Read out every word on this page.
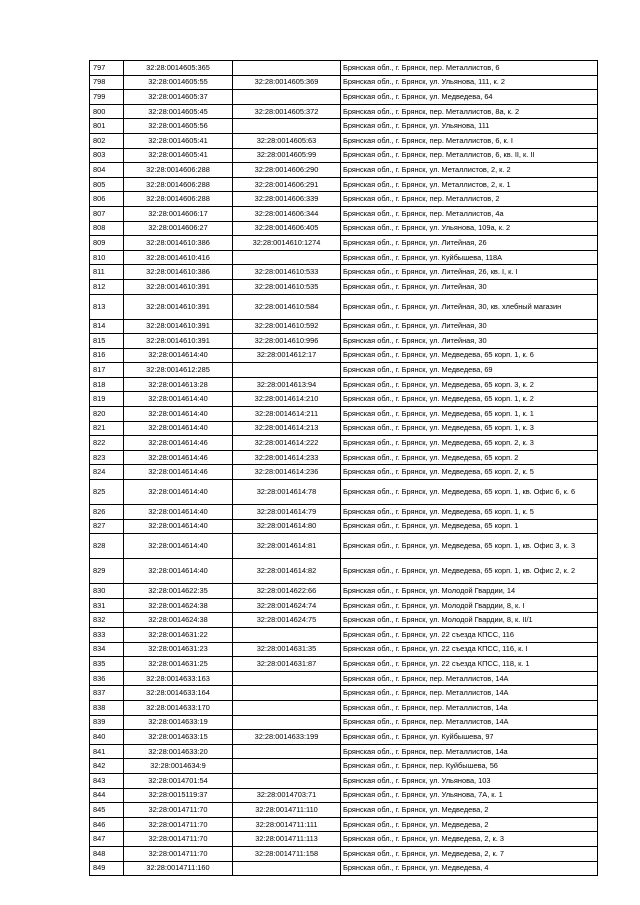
797	32:28:0014605:365		Брянская обл., г. Брянск, пер. Металлистов, 6
798	32:28:0014605:55	32:28:0014605:369	Брянская обл., г. Брянск, ул. Ульянова, 111, к. 2
799	32:28:0014605:37		Брянская обл., г. Брянск, ул. Медведева, 64
800	32:28:0014605:45	32:28:0014605:372	Брянская обл., г. Брянск, пер. Металлистов, 8а, к. 2
801	32:28:0014605:56		Брянская обл., г. Брянск, ул. Ульянова, 111
802	32:28:0014605:41	32:28:0014605:63	Брянская обл., г. Брянск, пер. Металлистов, 6, к. I
803	32:28:0014605:41	32:28:0014605:99	Брянская обл., г. Брянск, пер. Металлистов, 6, кв. II, к. II
804	32:28:0014606:288	32:28:0014606:290	Брянская обл., г. Брянск, ул. Металлистов, 2, к. 2
805	32:28:0014606:288	32:28:0014606:291	Брянская обл., г. Брянск, ул. Металлистов, 2, к. 1
806	32:28:0014606:288	32:28:0014606:339	Брянская обл., г. Брянск, пер. Металлистов, 2
807	32:28:0014606:17	32:28:0014606:344	Брянская обл., г. Брянск, пер. Металлистов, 4а
808	32:28:0014606:27	32:28:0014606:405	Брянская обл., г. Брянск, ул. Ульянова, 109а, к. 2
809	32:28:0014610:386	32:28:0014610:1274	Брянская обл., г. Брянск, ул. Литейная, 26
810	32:28:0014610:416		Брянская обл., г. Брянск, ул. Куйбышева, 118А
811	32:28:0014610:386	32:28:0014610:533	Брянская обл., г. Брянск, ул. Литейная, 26, кв. I, к. I
812	32:28:0014610:391	32:28:0014610:535	Брянская обл., г. Брянск, ул. Литейная, 30
813	32:28:0014610:391	32:28:0014610:584	Брянская обл., г. Брянск, ул. Литейная, 30, кв. хлебный магазин
814	32:28:0014610:391	32:28:0014610:592	Брянская обл., г. Брянск, ул. Литейная, 30
815	32:28:0014610:391	32:28:0014610:996	Брянская обл., г. Брянск, ул. Литейная, 30
816	32:28:0014614:40	32:28:0014612:17	Брянская обл., г. Брянск, ул. Медведева, 65 корп. 1, к. 6
817	32:28:0014612:285		Брянская обл., г. Брянск, ул. Медведева, 69
818	32:28:0014613:28	32:28:0014613:94	Брянская обл., г. Брянск, ул. Медведева, 65 корп. 3, к. 2
819	32:28:0014614:40	32:28:0014614:210	Брянская обл., г. Брянск, ул. Медведева, 65 корп. 1, к. 2
820	32:28:0014614:40	32:28:0014614:211	Брянская обл., г. Брянск, ул. Медведева, 65 корп. 1, к. 1
821	32:28:0014614:40	32:28:0014614:213	Брянская обл., г. Брянск, ул. Медведева, 65 корп. 1, к. 3
822	32:28:0014614:46	32:28:0014614:222	Брянская обл., г. Брянск, ул. Медведева, 65 корп. 2, к. 3
823	32:28:0014614:46	32:28:0014614:233	Брянская обл., г. Брянск, ул. Медведева, 65 корп. 2
824	32:28:0014614:46	32:28:0014614:236	Брянская обл., г. Брянск, ул. Медведева, 65 корп. 2, к. 5
825	32:28:0014614:40	32:28:0014614:78	Брянская обл., г. Брянск, ул. Медведева, 65 корп. 1, кв. Офис 6, к. 6
826	32:28:0014614:40	32:28:0014614:79	Брянская обл., г. Брянск, ул. Медведева, 65 корп. 1, к. 5
827	32:28:0014614:40	32:28:0014614:80	Брянская обл., г. Брянск, ул. Медведева, 65 корп. 1
828	32:28:0014614:40	32:28:0014614:81	Брянская обл., г. Брянск, ул. Медведева, 65 корп. 1, кв. Офис 3, к. 3
829	32:28:0014614:40	32:28:0014614:82	Брянская обл., г. Брянск, ул. Медведева, 65 корп. 1, кв. Офис 2, к. 2
830	32:28:0014622:35	32:28:0014622:66	Брянская обл., г. Брянск, ул. Молодой Гвардии, 14
831	32:28:0014624:38	32:28:0014624:74	Брянская обл., г. Брянск, ул. Молодой Гвардии, 8, к. I
832	32:28:0014624:38	32:28:0014624:75	Брянская обл., г. Брянск, ул. Молодой Гвардии, 8, к. II/1
833	32:28:0014631:22		Брянская обл., г. Брянск, ул. 22 съезда КПСС, 116
834	32:28:0014631:23	32:28:0014631:35	Брянская обл., г. Брянск, ул. 22 съезда КПСС, 116, к. I
835	32:28:0014631:25	32:28:0014631:87	Брянская обл., г. Брянск, ул. 22 съезда КПСС, 118, к. 1
836	32:28:0014633:163		Брянская обл., г. Брянск, пер. Металлистов, 14А
837	32:28:0014633:164		Брянская обл., г. Брянск, пер. Металлистов, 14А
838	32:28:0014633:170		Брянская обл., г. Брянск, пер. Металлистов, 14а
839	32:28:0014633:19		Брянская обл., г. Брянск, пер. Металлистов, 14А
840	32:28:0014633:15	32:28:0014633:199	Брянская обл., г. Брянск, ул. Куйбышева, 97
841	32:28:0014633:20		Брянская обл., г. Брянск, пер. Металлистов, 14а
842	32:28:0014634:9		Брянская обл., г. Брянск, пер. Куйбышева, 56
843	32:28:0014701:54		Брянская обл., г. Брянск, ул. Ульянова, 103
844	32:28:0015119:37	32:28:0014703:71	Брянская обл., г. Брянск, ул. Ульянова, 7А, к. 1
845	32:28:0014711:70	32:28:0014711:110	Брянская обл., г. Брянск, ул. Медведева, 2
846	32:28:0014711:70	32:28:0014711:111	Брянская обл., г. Брянск, ул. Медведева, 2
847	32:28:0014711:70	32:28:0014711:113	Брянская обл., г. Брянск, ул. Медведева, 2, к. 3
848	32:28:0014711:70	32:28:0014711:158	Брянская обл., г. Брянск, ул. Медведева, 2, к. 7
849	32:28:0014711:160		Брянская обл., г. Брянск, ул. Медведева, 4
